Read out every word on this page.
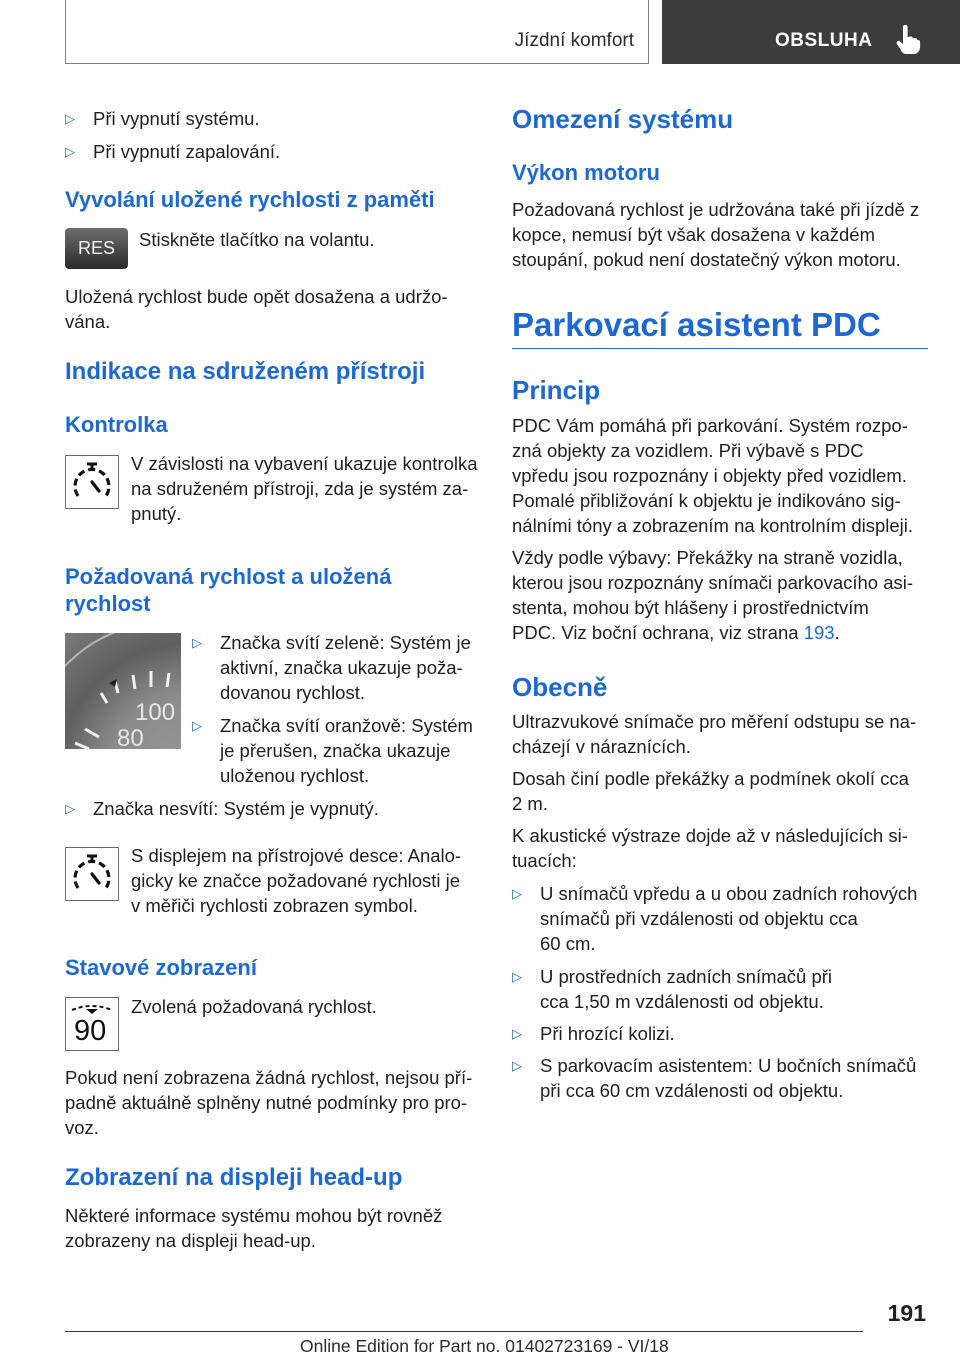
Jízdní komfort	OBSLUHA

▷ Při vypnutí systému.

▷ Při vypnutí zapalování.

Vyvolání uložené rychlosti z paměti
RES	Stiskněte tlačítko na volantu.

Uložená rychlost bude opět dosažena a udržo-

vána.

Indikace na sdruženém přístroji
Kontrolka

V závislosti na vybavení ukazuje kontrolka

na sdruženém přístroji, zda je systém za-

pnutý.

Požadovaná rychlost a uložená
rychlost
100
80

▷ Značka svítí zeleně: Systém je

aktivní, značka ukazuje poža-

dovanou rychlost.

▷ Značka svítí oranžově: Systém

je přerušen, značka ukazuje

uloženou rychlost.

▷ Značka nesvítí: Systém je vypnutý.

S displejem na přístrojové desce: Analo-

gicky ke značce požadované rychlosti je

v měřiči rychlosti zobrazen symbol.

Stavové zobrazení
90

Zvolená požadovaná rychlost.

Pokud není zobrazena žádná rychlost, nejsou pří-

padně aktuálně splněny nutné podmínky pro pro-

voz.

Zobrazení na displeji head-up

Některé informace systému mohou být rovněž

zobrazeny na displeji head-up.

Omezení systému
Výkon motoru

Požadovaná rychlost je udržována také při jízdě z

kopce, nemusí být však dosažena v každém

stoupání, pokud není dostatečný výkon motoru.

Parkovací asistent PDC
Princip

PDC Vám pomáhá při parkování. Systém rozpo-

zná objekty za vozidlem. Při výbavě s PDC

vpředu jsou rozpoznány i objekty před vozidlem.

Pomalé přibližování k objektu je indikováno sig-

nálními tóny a zobrazením na kontrolním displeji.

Vždy podle výbavy: Překážky na straně vozidla,

kterou jsou rozpoznány snímači parkovacího asi-

stenta, mohou být hlášeny i prostřednictvím

PDC. Viz boční ochrana, viz strana 193.

Obecně

Ultrazvukové snímače pro měření odstupu se na-

cházejí v náraznících.

Dosah činí podle překážky a podmínek okolí cca

2 m.

K akustické výstraze dojde až v následujících si-

tuacích:

▷ U snímačů vpředu a u obou zadních rohových

snímačů při vzdálenosti od objektu cca

60 cm.

▷ U prostředních zadních snímačů při

cca 1,50 m vzdálenosti od objektu.

▷ Při hrozící kolizi.

▷ S parkovacím asistentem: U bočních snímačů

při cca 60 cm vzdálenosti od objektu.

191
Online Edition for Part no. 01402723169 - VI/18
